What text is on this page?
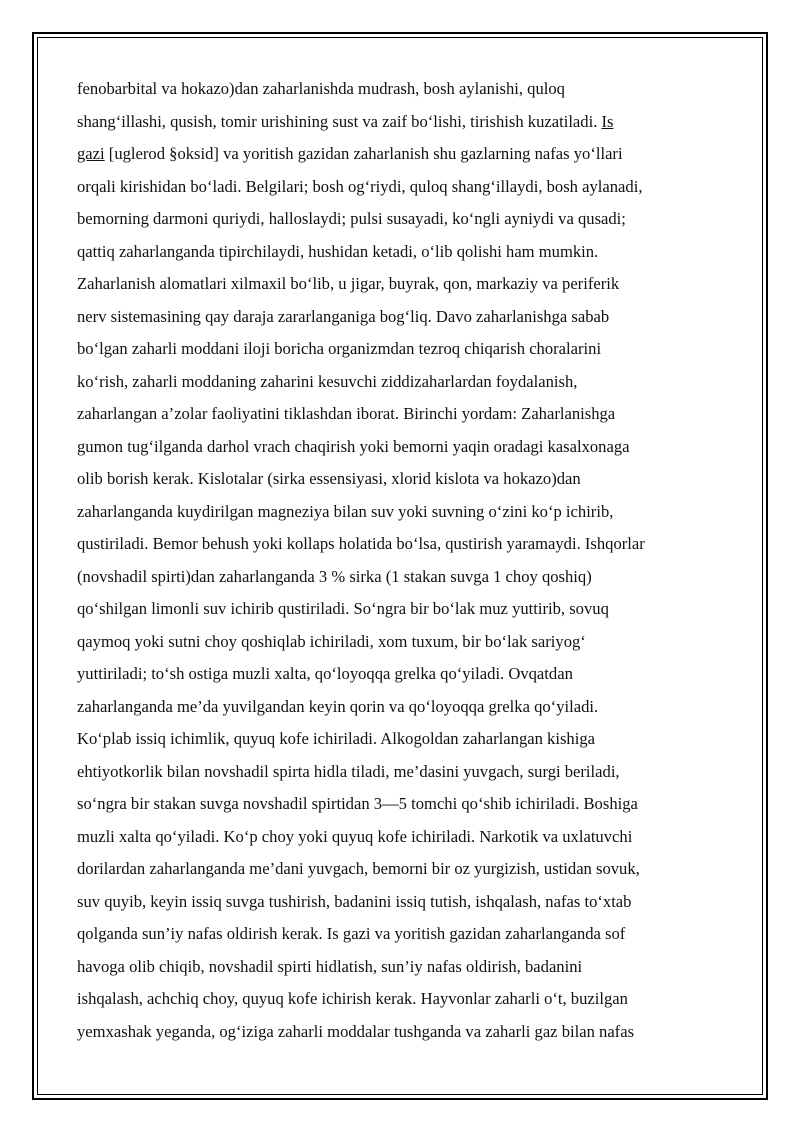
fenobarbital va hokazo)dan zaharlanishda mudrash, bosh aylanishi, quloq
shang‘illashi, qusish, tomir urishining sust va zaif bo‘lishi, tirishish kuzatiladi. Is
gazi [uglerod §oksid] va yoritish gazidan zaharlanish shu gazlarning nafas yo‘llari
orqali kirishidan bo‘ladi. Belgilari; bosh og‘riydi, quloq shang‘illaydi, bosh aylanadi,
bemorning darmoni quriydi, halloslaydi; pulsi susayadi, ko‘ngli ayniydi va qusadi;
qattiq zaharlanganda tipirchilaydi, hushidan ketadi, o‘lib qolishi ham mumkin.
Zaharlanish alomatlari xilmaxil bo‘lib, u jigar, buyrak, qon, markaziy va periferik
nerv sistemasining qay daraja zararlanganiga bog‘liq. Davo zaharlanishga sabab
bo‘lgan zaharli moddani iloji boricha organizmdan tezroq chiqarish choralarini
ko‘rish, zaharli moddaning zaharini kesuvchi ziddizaharlardan foydalanish,
zaharlangan a’zolar faoliyatini tiklashdan iborat. Birinchi yordam: Zaharlanishga
gumon tug‘ilganda darhol vrach chaqirish yoki bemorni yaqin oradagi kasalxonaga
olib borish kerak. Kislotalar (sirka essensiyasi, xlorid kislota va hokazo)dan
zaharlanganda kuydirilgan magneziya bilan suv yoki suvning o‘zini ko‘p ichirib,
qustiriladi. Bemor behush yoki kollaps holatida bo‘lsa, qustirish yaramaydi. Ishqorlar
(novshadil spirti)dan zaharlanganda 3 % sirka (1 stakan suvga 1 choy qoshiq)
qo‘shilgan limonli suv ichirib qustiriladi. So‘ngra bir bo‘lak muz yuttirib, sovuq
qaymoq yoki sutni choy qoshiqlab ichiriladi, xom tuxum, bir bo‘lak sariyog‘
yuttiriladi; to‘sh ostiga muzli xalta, qo‘loyoqqa grelka qo‘yiladi. Ovqatdan
zaharlanganda me’da yuvilgandan keyin qorin va qo‘loyoqqa grelka qo‘yiladi.
Ko‘plab issiq ichimlik, quyuq kofe ichiriladi. Alkogoldan zaharlangan kishiga
ehtiyotkorlik bilan novshadil spirta hidla tiladi, me’dasini yuvgach, surgi beriladi,
so‘ngra bir stakan suvga novshadil spirtidan 3—5 tomchi qo‘shib ichiriladi. Boshiga
muzli xalta qo‘yiladi. Ko‘p choy yoki quyuq kofe ichiriladi. Narkotik va uxlatuvchi
dorilardan zaharlanganda me’dani yuvgach, bemorni bir oz yurgizish, ustidan sovuk,
suv quyib, keyin issiq suvga tushirish, badanini issiq tutish, ishqalash, nafas to‘xtab
qolganda sun’iy nafas oldirish kerak. Is gazi va yoritish gazidan zaharlanganda sof
havoga olib chiqib, novshadil spirti hidlatish, sun’iy nafas oldirish, badanini
ishqalash, achchiq choy, quyuq kofe ichirish kerak. Hayvonlar zaharli o‘t, buzilgan
yemxashak yeganda, og‘iziga zaharli moddalar tushganda va zaharli gaz bilan nafas
